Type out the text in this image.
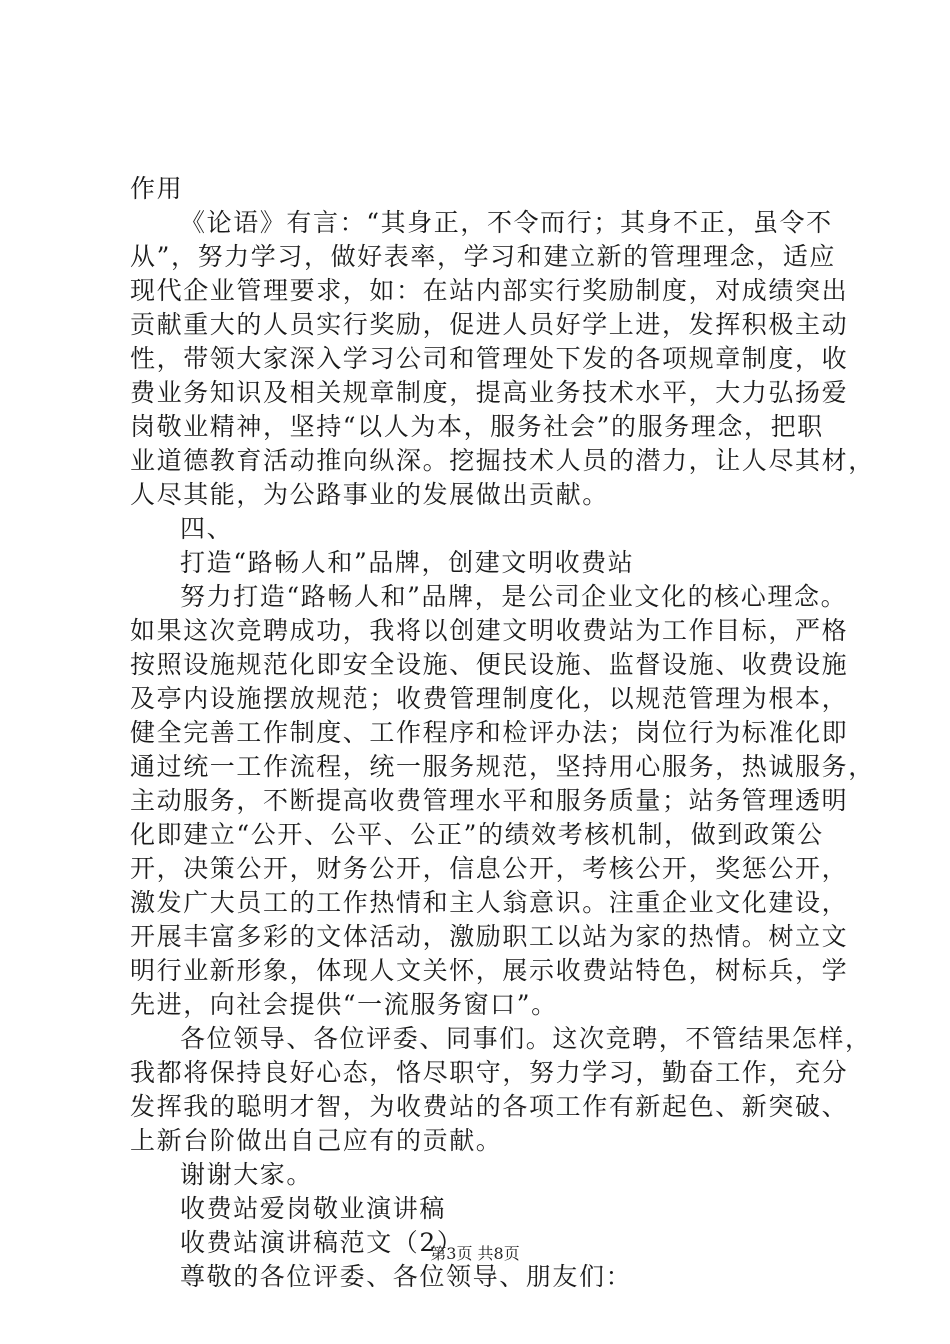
作用
《论语》有言：“其身正，不令而行；其身不正，虽令不
从”，努力学习，做好表率，学习和建立新的管理理念，适应
现代企业管理要求，如：在站内部实行奖励制度，对成绩突出
贡献重大的人员实行奖励，促进人员好学上进，发挥积极主动
性，带领大家深入学习公司和管理处下发的各项规章制度，收
费业务知识及相关规章制度，提高业务技术水平，大力弘扬爱
岗敬业精神，坚持“以人为本，服务社会”的服务理念，把职
业道德教育活动推向纵深。挖掘技术人员的潜力，让人尽其材，
人尽其能，为公路事业的发展做出贡献。
四、
打造“路畅人和”品牌，创建文明收费站
努力打造“路畅人和”品牌，是公司企业文化的核心理念。
如果这次竞聘成功，我将以创建文明收费站为工作目标，严格
按照设施规范化即安全设施、便民设施、监督设施、收费设施
及亭内设施摆放规范；收费管理制度化，以规范管理为根本，
健全完善工作制度、工作程序和检评办法；岗位行为标准化即
通过统一工作流程，统一服务规范，坚持用心服务，热诚服务，
主动服务，不断提高收费管理水平和服务质量；站务管理透明
化即建立“公开、公平、公正”的绩效考核机制，做到政策公
开，决策公开，财务公开，信息公开，考核公开，奖惩公开，
激发广大员工的工作热情和主人翁意识。注重企业文化建设，
开展丰富多彩的文体活动，激励职工以站为家的热情。树立文
明行业新形象，体现人文关怀，展示收费站特色，树标兵，学
先进，向社会提供“一流服务窗口”。
各位领导、各位评委、同事们。这次竞聘，不管结果怎样，
我都将保持良好心态，恪尽职守，努力学习，勤奋工作，充分
发挥我的聪明才智，为收费站的各项工作有新起色、新突破、
上新台阶做出自己应有的贡献。
谢谢大家。
收费站爱岗敬业演讲稿
收费站演讲稿范文（2）
尊敬的各位评委、各位领导、朋友们：
第3页 共8页
